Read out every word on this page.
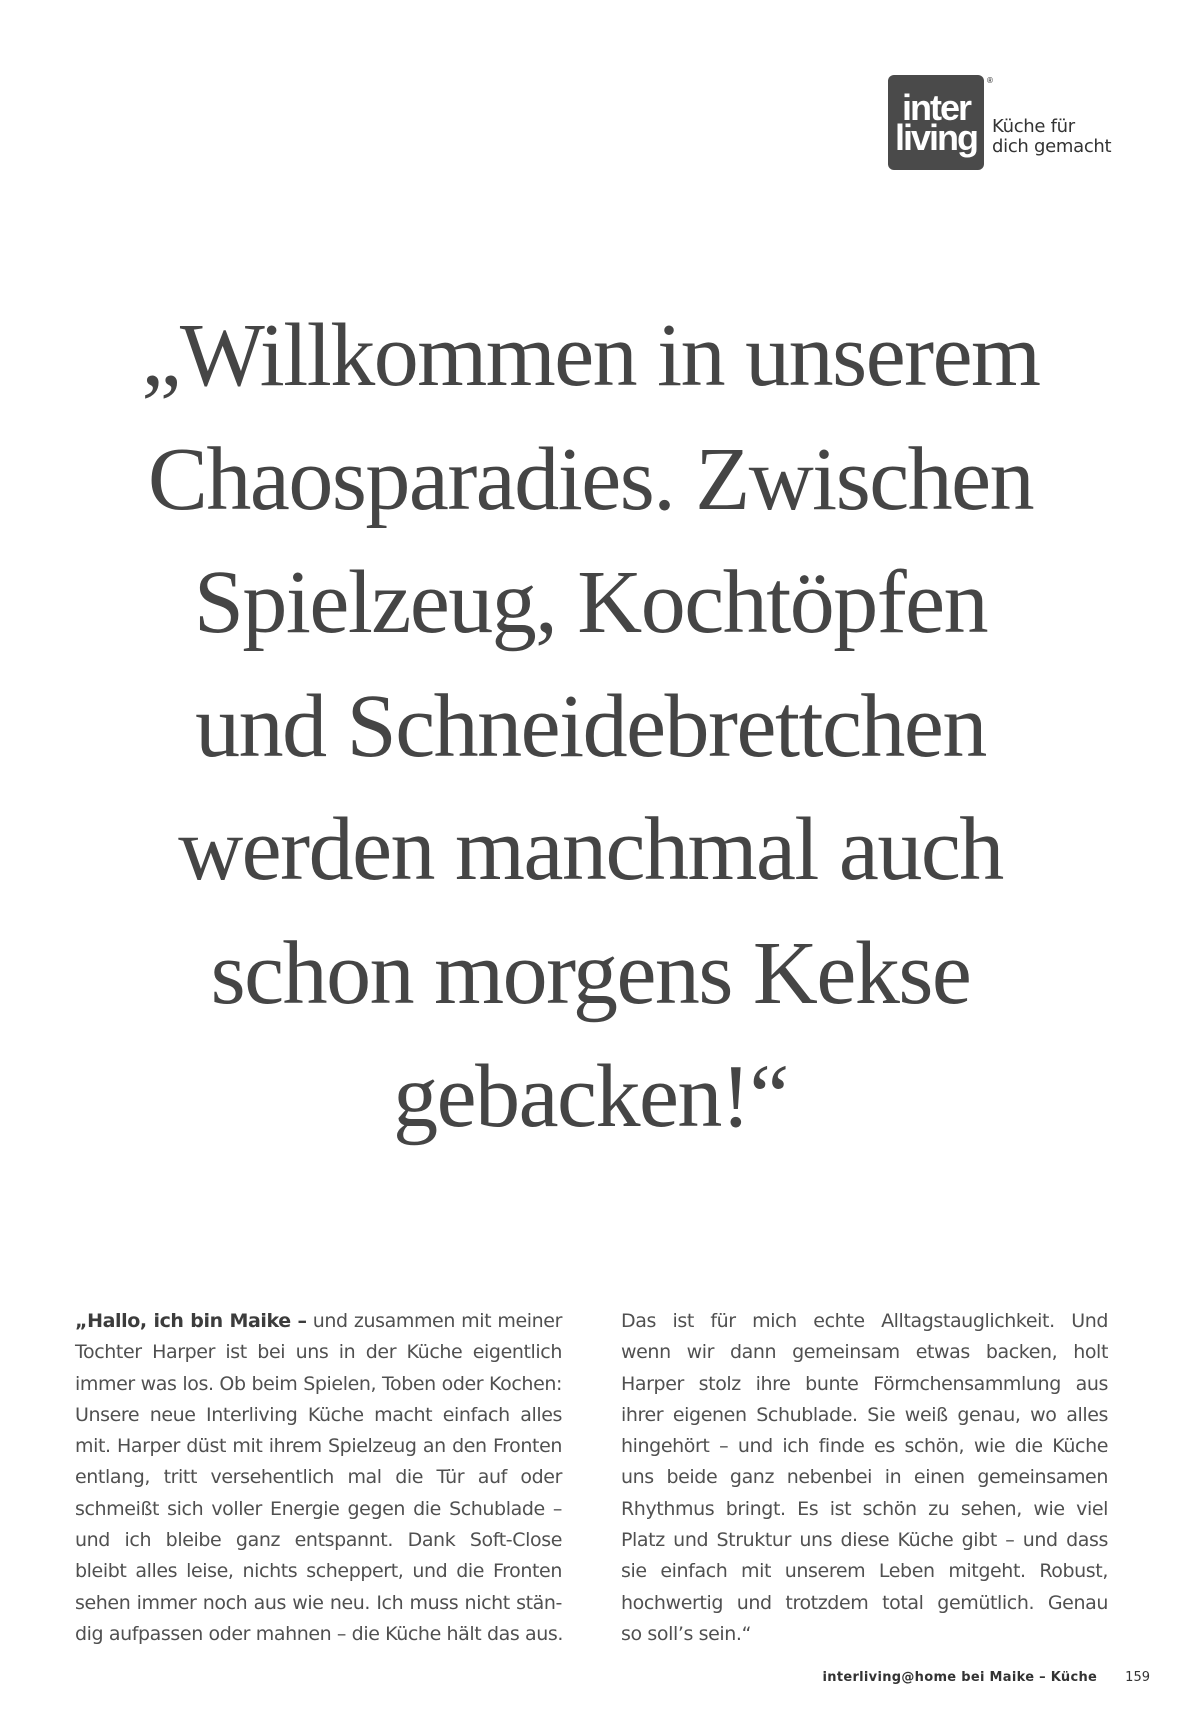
inter
living
®
Küche für
dich gemacht
„Willkommen in unserem
Chaosparadies. Zwischen
Spielzeug, Kochtöpfen
und Schneidebrettchen
werden manchmal auch
schon morgens Kekse
gebacken!“
„Hallo, ich bin Maike – und zusammen mit meiner
Tochter Harper ist bei uns in der Küche eigentlich
immer was los. Ob beim Spielen, Toben oder Kochen:
Unsere neue Interliving Küche macht einfach alles
mit. Harper düst mit ihrem Spielzeug an den Fronten
entlang, tritt versehentlich mal die Tür auf oder
schmeißt sich voller Energie gegen die Schublade –
und ich bleibe ganz entspannt. Dank Soft-Close
bleibt alles leise, nichts scheppert, und die Fronten
sehen immer noch aus wie neu. Ich muss nicht stän-
dig aufpassen oder mahnen – die Küche hält das aus.
Das ist für mich echte Alltagstauglichkeit. Und
wenn wir dann gemeinsam etwas backen, holt
Harper stolz ihre bunte Förmchensammlung aus
ihrer eigenen Schublade. Sie weiß genau, wo alles
hingehört – und ich finde es schön, wie die Küche
uns beide ganz nebenbei in einen gemeinsamen
Rhythmus bringt. Es ist schön zu sehen, wie viel
Platz und Struktur uns diese Küche gibt – und dass
sie einfach mit unserem Leben mitgeht. Robust,
hochwertig und trotzdem total gemütlich. Genau
so soll’s sein.“
interliving@home bei Maike – Küche 159
